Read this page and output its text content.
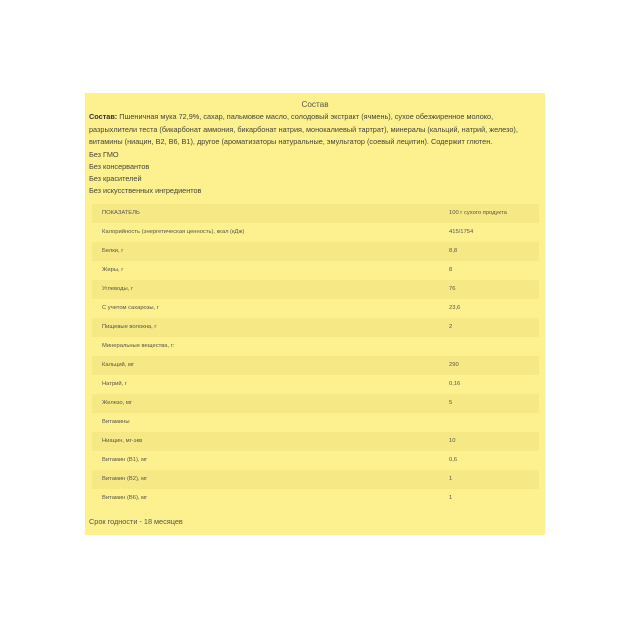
Состав
Состав: Пшеничная мука 72,9%, сахар, пальмовое масло, солодовый экстракт (ячмень), сухое обезжиренное молоко, разрыхлители теста (бикарбонат аммония, бикарбонат натрия, монокалиевый тартрат), минералы (кальций, натрий, железо), витамины (ниацин, B2, B6, B1), другое (ароматизаторы натуральные, эмульгатор (соевый лецитин). Содержит глютен.
Без ГМО
Без консервантов
Без красителей
Без искусственных ингредиентов
ПОКАЗАТЕЛЬ	100 г сухого продукта
Калорийность (энергетическая ценность), ккал (кДж)	415/1754
Белки, г	8,8
Жиры, г	8
Углеводы, г	76
С учетом сахарозы, г	23,6
Пищевые волокна, г	2
Минеральные вещества, г:	
Кальций, мг	290
Натрий, г	0,16
Железо, мг	5
Витамины	
Ниацин, мг-экв	10
Витамин (B1), мг	0,6
Витамин (B2), мг	1
Витамин (B6), мг	1
Срок годности - 18 месяцев
